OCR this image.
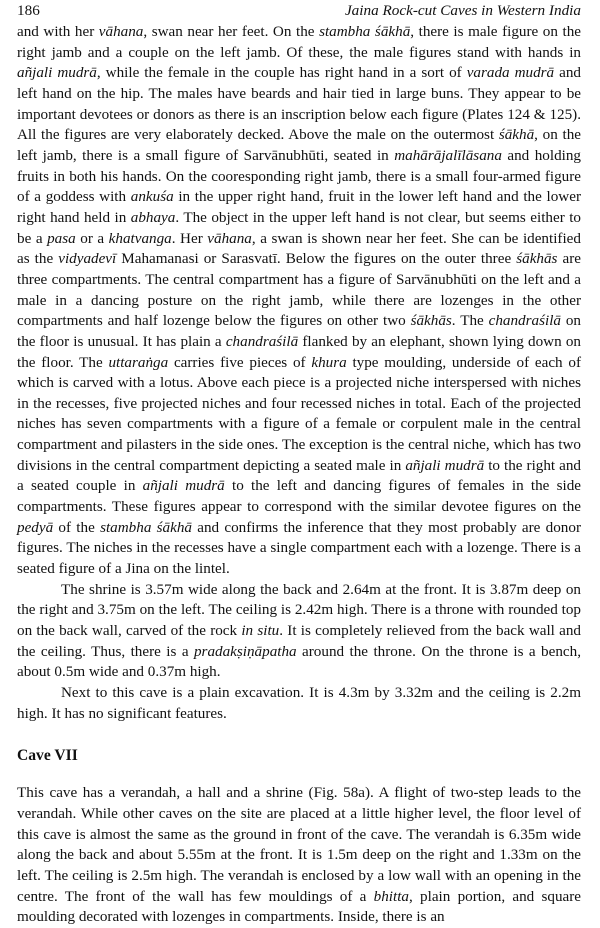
186	Jaina Rock-cut Caves in Western India

and with her vāhana, swan near her feet. On the stambha śākhā, there is male figure on the right jamb and a couple on the left jamb. Of these, the male figures stand with hands in añjali mudrā, while the female in the couple has right hand in a sort of varada mudrā and left hand on the hip. The males have beards and hair tied in large buns. They appear to be important devotees or donors as there is an inscription below each figure (Plates 124 & 125). All the figures are very elaborately decked. Above the male on the outermost śākhā, on the left jamb, there is a small figure of Sarvānubhūti, seated in mahārājalīlāsana and holding fruits in both his hands. On the cooresponding right jamb, there is a small four-armed figure of a goddess with ankuśa in the upper right hand, fruit in the lower left hand and the lower right hand held in abhaya. The object in the upper left hand is not clear, but seems either to be a pasa or a khatvanga. Her vāhana, a swan is shown near her feet. She can be identified as the vidyadevī Mahamanasi or Sarasvatī. Below the figures on the outer three śākhās are three compartments. The central compartment has a figure of Sarvānubhūti on the left and a male in a dancing posture on the right jamb, while there are lozenges in the other compartments and half lozenge below the figures on other two śākhās. The chandraśilā on the floor is unusual. It has plain a chandraśilā flanked by an elephant, shown lying down on the floor. The uttaraṅga carries five pieces of khura type moulding, underside of each of which is carved with a lotus. Above each piece is a projected niche interspersed with niches in the recesses, five projected niches and four recessed niches in total. Each of the projected niches has seven compartments with a figure of a female or corpulent male in the central compartment and pilasters in the side ones. The exception is the central niche, which has two divisions in the central compartment depicting a seated male in añjali mudrā to the right and a seated couple in añjali mudrā to the left and dancing figures of females in the side compartments. These figures appear to correspond with the similar devotee figures on the pedyā of the stambha śākhā and confirms the inference that they most probably are donor figures. The niches in the recesses have a single compartment each with a lozenge. There is a seated figure of a Jina on the lintel.

The shrine is 3.57m wide along the back and 2.64m at the front. It is 3.87m deep on the right and 3.75m on the left. The ceiling is 2.42m high. There is a throne with rounded top on the back wall, carved of the rock in situ. It is completely relieved from the back wall and the ceiling. Thus, there is a pradakṣiṇāpatha around the throne. On the throne is a bench, about 0.5m wide and 0.37m high.

Next to this cave is a plain excavation. It is 4.3m by 3.32m and the ceiling is 2.2m high. It has no significant features.

Cave VII

This cave has a verandah, a hall and a shrine (Fig. 58a). A flight of two-step leads to the verandah. While other caves on the site are placed at a little higher level, the floor level of this cave is almost the same as the ground in front of the cave. The verandah is 6.35m wide along the back and about 5.55m at the front. It is 1.5m deep on the right and 1.33m on the left. The ceiling is 2.5m high. The verandah is enclosed by a low wall with an opening in the centre. The front of the wall has few mouldings of a bhitta, plain portion, and square moulding decorated with lozenges in compartments. Inside, there is an
